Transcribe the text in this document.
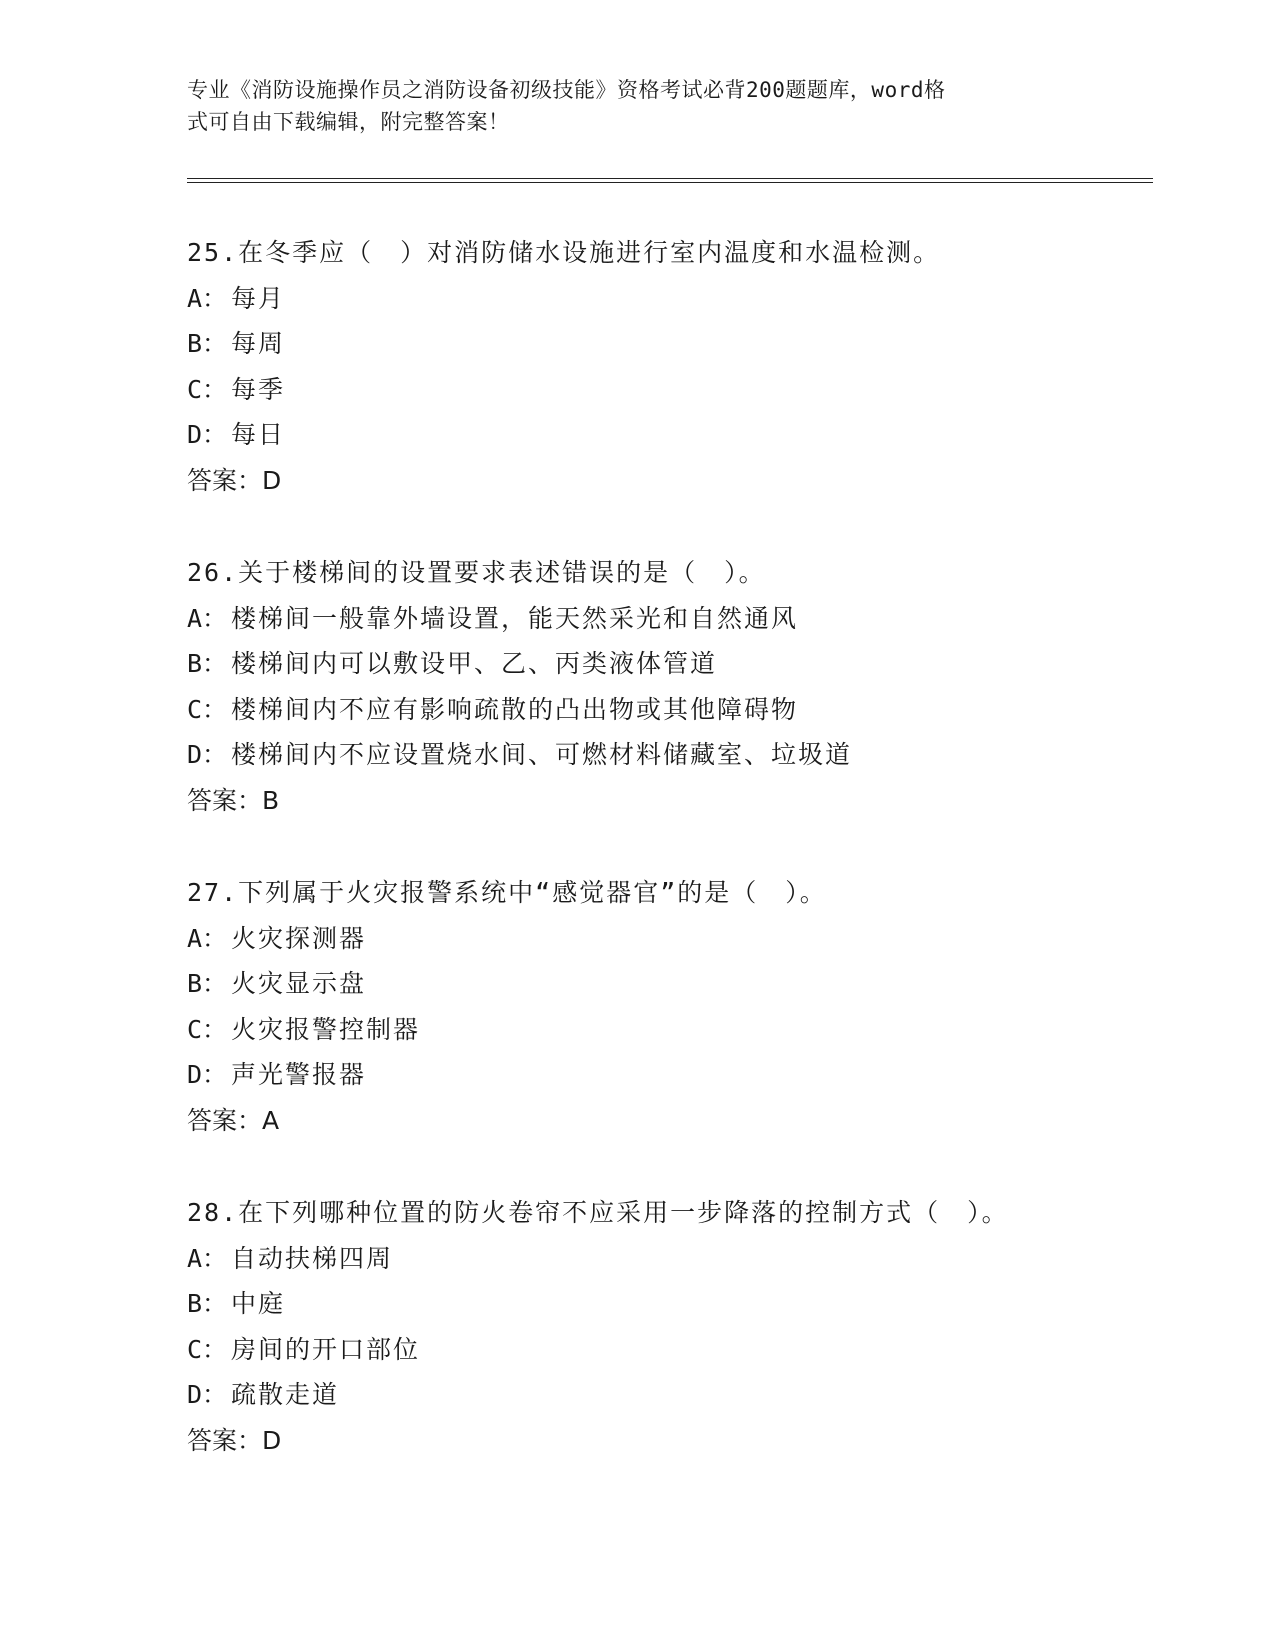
专业《消防设施操作员之消防设备初级技能》资格考试必背200题题库，word格
式可自由下载编辑，附完整答案！
25.在冬季应（　）对消防储水设施进行室内温度和水温检测。
A： 每月
B： 每周
C： 每季
D： 每日
答案：D
26.关于楼梯间的设置要求表述错误的是（　）。
A： 楼梯间一般靠外墙设置，能天然采光和自然通风
B： 楼梯间内可以敷设甲、乙、丙类液体管道
C： 楼梯间内不应有影响疏散的凸出物或其他障碍物
D： 楼梯间内不应设置烧水间、可燃材料储藏室、垃圾道
答案：B
27.下列属于火灾报警系统中“感觉器官”的是（　）。
A： 火灾探测器
B： 火灾显示盘
C： 火灾报警控制器
D： 声光警报器
答案：A
28.在下列哪种位置的防火卷帘不应采用一步降落的控制方式（　）。
A： 自动扶梯四周
B： 中庭
C： 房间的开口部位
D： 疏散走道
答案：D
